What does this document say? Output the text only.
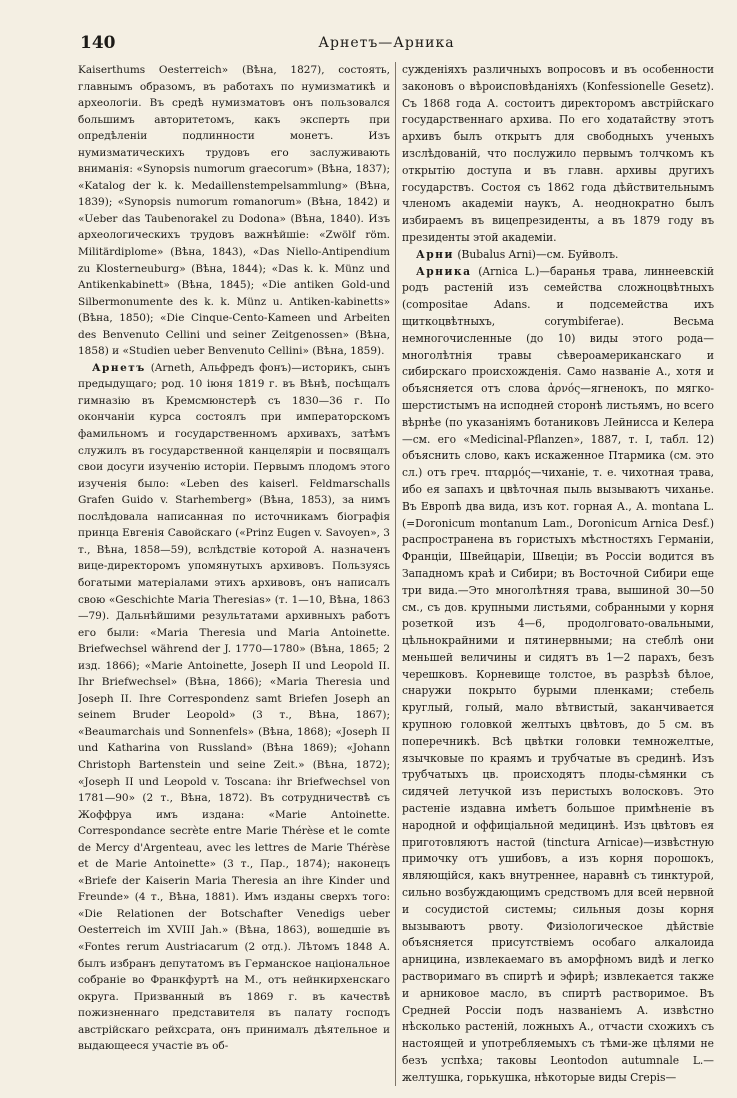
140	Арнетъ—Арника

Kaiserthums Oesterreich» (Вѣна, 1827), состоять, главнымъ образомъ, въ работахъ по нумизматикѣ и археологіи. Въ средѣ нумизматовъ онъ пользовался большимъ авторитетомъ, какъ эксперть при опредѣленіи подлинности монетъ. Изъ нумизматическихъ трудовъ его заслуживають вниманія: «Synopsis numorum graecorum» (Вѣна, 1837); «Katalog der k. k. Medaillenstempelsammlung» (Вѣна, 1839); «Synopsis numorum romanorum» (Вѣна, 1842) и «Ueber das Taubenorakel zu Dodona» (Вѣна, 1840). Изъ археологическихъ трудовъ важнѣйшіе: «Zwölf röm. Militärdiplome» (Вѣна, 1843), «Das Niello-Antipendium zu Klosterneuburg» (Вѣна, 1844); «Das k. k. Münz und Antikenkabinett» (Вѣна, 1845); «Die antiken Gold-und Silbermonumente des k. k. Münz u. Antiken-kabinetts» (Вѣна, 1850); «Die Cinque-Cento-Kameen und Arbeiten des Benvenuto Cellini und seiner Zeitgenossen» (Вѣна, 1858) и «Studien ueber Benvenuto Cellini» (Вѣна, 1859).

Арнетъ (Arneth, Альфредъ фонъ)—историкъ, сынъ предыдущаго; род. 10 іюня 1819 г. въ Вѣнѣ, посѣщалъ гимназію въ Кремсмюнстерѣ съ 1830—36 г. По окончаніи курса состоялъ при императорскомъ фамильномъ и государственномъ архивахъ, затѣмъ служилъ въ государственной канцеляріи и посвящалъ свои досуги изученію исторіи. Первымъ плодомъ этого изученія было: «Leben des kaiserl. Feldmarschalls Grafen Guido v. Starhemberg» (Вѣна, 1853), за нимъ послѣдовала написанная по источникамъ біографія принца Евгенія Савойскаго («Prinz Eugen v. Savoyen», 3 т., Вѣна, 1858—59), вслѣдствіе которой А. назначенъ вице-директоромъ упомянутыхъ архивовъ. Пользуясь богатыми матеріалами этихъ архивовъ, онъ написалъ свою «Geschichte Maria Theresias» (т. 1—10, Вѣна, 1863—79). Дальнѣйшими результатами архивныхъ работъ его были: «Maria Theresia und Maria Antoinette. Briefwechsel während der J. 1770—1780» (Вѣна, 1865; 2 изд. 1866); «Marie Antoinette, Joseph II und Leopold II. Ihr Briefwechsel» (Вѣна, 1866); «Maria Theresia und Joseph II. Ihre Correspondenz samt Briefen Joseph an seinem Bruder Leopold» (3 т., Вѣна, 1867); «Beaumarchais und Sonnenfels» (Вѣна, 1868); «Joseph II und Katharina von Russland» (Вѣна 1869); «Johann Christoph Bartenstein und seine Zeit.» (Вѣна, 1872); «Joseph II und Leopold v. Toscana: ihr Briefwechsel von 1781—90» (2 т., Вѣна, 1872). Въ сотрудничествѣ съ Жоффруа имъ издана: «Marie Antoinette. Correspondance secrète entre Marie Thérèse et le comte de Mercy d'Argenteau, avec les lettres de Marie Thérèse et de Marie Antoinette» (3 т., Пар., 1874); наконецъ «Briefe der Kaiserin Maria Theresia an ihre Kinder und Freunde» (4 т., Вѣна, 1881). Имъ изданы сверхъ того: «Die Relationen der Botschafter Venedigs ueber Oesterreich im XVIII Jah.» (Вѣна, 1863), вошедшіе въ «Fontes rerum Austriacarum (2 отд.). Лѣтомъ 1848 А. былъ избранъ депутатомъ въ Германское національное собраніе во Франкфуртѣ на М., отъ нейнкирхенскаго округа. Призванный въ 1869 г. въ качествѣ пожизненнаго представителя въ палату господъ австрійскаго рейхсрата, онъ принималъ дѣятельное и выдающееся участіе въ об-

сужденіяхъ различныхъ вопросовъ и въ особенности законовъ о вѣроисповѣданіяхъ (Konfessionelle Gesetz). Съ 1868 года А. состоитъ директоромъ австрійскаго государственнаго архива. По его ходатайству этотъ архивъ былъ открытъ для свободныхъ ученыхъ изслѣдованій, что послужило первымъ толчкомъ къ открытію доступа и въ главн. архивы другихъ государствъ. Состоя съ 1862 года дѣйствительнымъ членомъ академіи наукъ, А. неоднократно былъ избираемъ въ вицепрезиденты, а въ 1879 году въ президенты этой академіи.

Арни (Bubalus Arni)—см. Буйволъ.

Арника (Arnica L.)—баранья трава, линнеевскій родъ растеній изъ семейства сложноцвѣтныхъ (compositae Adans. и подсемейства ихъ щиткоцвѣтныхъ, corymbiferae). Весьма немногочисленные (до 10) виды этого рода—многолѣтнія травы сѣвероамериканскаго и сибирскаго происхожденія. Само названіе А., хотя и объясняется отъ слова ἀρνός—ягненокъ, по мягко-шерстистымъ на исподней сторонѣ листьямъ, но всего вѣрнѣе (по указаніямъ ботаниковъ Лейнисса и Келера—см. его «Medicinal-Pflanzen», 1887, т. I, табл. 12) объяснить слово, какъ искаженное Птармика (см. это сл.) отъ греч. πταρμός—чиханіе, т. е. чихотная трава, ибо ея запахъ и цвѣточная пыль вызываютъ чиханье. Въ Европѣ два вида, изъ кот. горная А., А. montana L. (=Doronicum montanum Lam., Doronicum Arnica Desf.) распространена въ гористыхъ мѣстностяхъ Германіи, Франціи, Швейцаріи, Швеціи; въ Россіи водится въ Западномъ краѣ и Сибири; въ Восточной Сибири еще три вида.—Это многолѣтняя трава, вышиной 30—50 см., съ дов. крупными листьями, собранными у корня розеткой изъ 4—6, продолговато-овальными, цѣльнокрайними и пятинервными; на стеблѣ они меньшей величины и сидятъ въ 1—2 парахъ, безъ черешковъ. Корневище толстое, въ разрѣзѣ бѣлое, снаружи покрыто бурыми пленками; стебель круглый, голый, мало вѣтвистый, заканчивается крупною головкой желтыхъ цвѣтовъ, до 5 см. въ поперечникѣ. Всѣ цвѣтки головки темножелтые, язычковые по краямъ и трубчатые въ срединѣ. Изъ трубчатыхъ цв. происходятъ плоды-сѣмянки съ сидячей летучкой изъ перистыхъ волосковъ. Это растеніе издавна имѣетъ большое примѣненіе въ народной и оффиціальной медицинѣ. Изъ цвѣтовъ ея приготовляютъ настой (tinctura Arnicae)—извѣстную примочку отъ ушибовъ, а изъ корня порошокъ, являющійся, какъ внутреннее, наравнѣ съ тинктурой, сильно возбуждающимъ средствомъ для всей нервной и сосудистой системы; сильныя дозы корня вызываютъ рвоту. Физіологическое дѣйствіе объясняется присутствіемъ особаго алкалоида арницина, извлекаемаго въ аморфномъ видѣ и легко растворимаго въ спиртѣ и эфирѣ; извлекается также и арниковое масло, въ спиртѣ растворимое. Въ Средней Россіи подъ названіемъ А. извѣстно нѣсколько растеній, ложныхъ А., отчасти схожихъ съ настоящей и употребляемыхъ съ тѣми-же цѣлями не безъ успѣха; таковы Leontodon autumnale L.—желтушка, горькушка, нѣкоторые виды Crepis—
